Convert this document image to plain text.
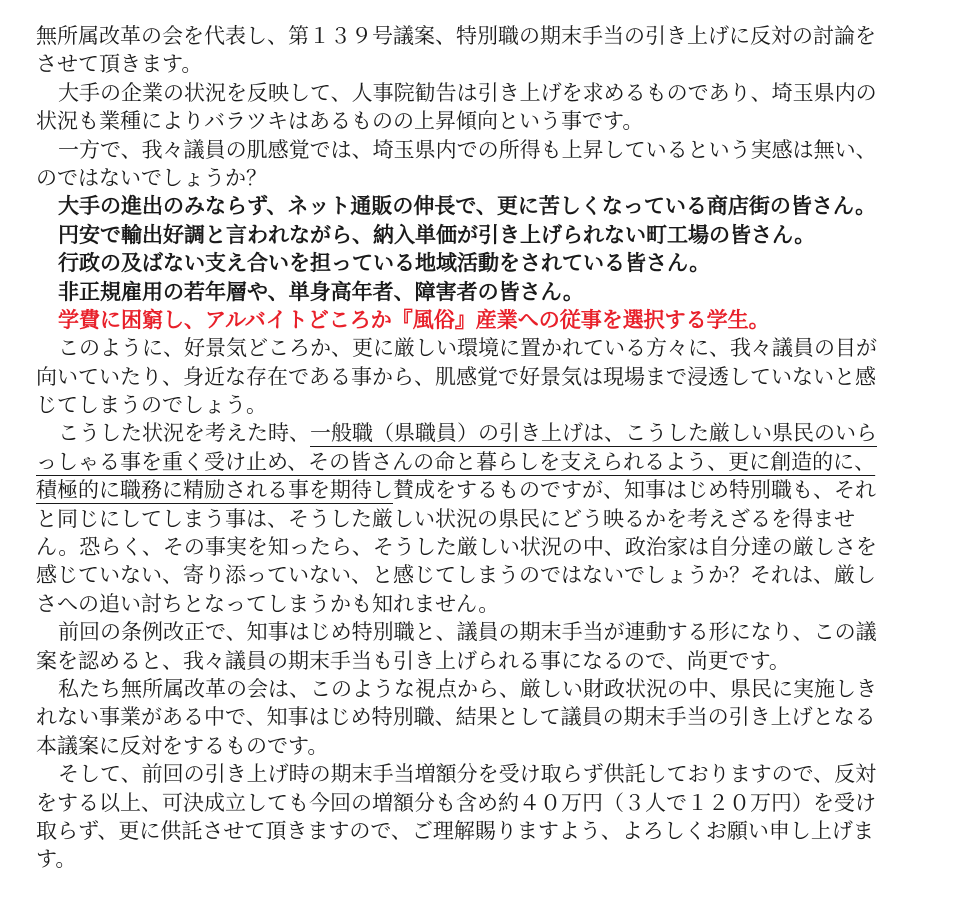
無所属改革の会を代表し、第１３９号議案、特別職の期末手当の引き上げに反対の討論を
させて頂きます。
大手の企業の状況を反映して、人事院勧告は引き上げを求めるものであり、埼玉県内の
状況も業種によりバラツキはあるものの上昇傾向という事です。
一方で、我々議員の肌感覚では、埼玉県内での所得も上昇しているという実感は無い、
のではないでしょうか？
大手の進出のみならず、ネット通販の伸長で、更に苦しくなっている商店街の皆さん。
円安で輸出好調と言われながら、納入単価が引き上げられない町工場の皆さん。
行政の及ばない支え合いを担っている地域活動をされている皆さん。
非正規雇用の若年層や、単身高年者、障害者の皆さん。
学費に困窮し、アルバイトどころか『風俗』産業への従事を選択する学生。
このように、好景気どころか、更に厳しい環境に置かれている方々に、我々議員の目が
向いていたり、身近な存在である事から、肌感覚で好景気は現場まで浸透していないと感
じてしまうのでしょう。
こうした状況を考えた時、一般職（県職員）の引き上げは、こうした厳しい県民のいら
っしゃる事を重く受け止め、その皆さんの命と暮らしを支えられるよう、更に創造的に、
積極的に職務に精励される事を期待し賛成をするものですが、知事はじめ特別職も、それ
と同じにしてしまう事は、そうした厳しい状況の県民にどう映るかを考えざるを得ませ
ん。恐らく、その事実を知ったら、そうした厳しい状況の中、政治家は自分達の厳しさを
感じていない、寄り添っていない、と感じてしまうのではないでしょうか？それは、厳し
さへの追い討ちとなってしまうかも知れません。
前回の条例改正で、知事はじめ特別職と、議員の期末手当が連動する形になり、この議
案を認めると、我々議員の期末手当も引き上げられる事になるので、尚更です。
私たち無所属改革の会は、このような視点から、厳しい財政状況の中、県民に実施しき
れない事業がある中で、知事はじめ特別職、結果として議員の期末手当の引き上げとなる
本議案に反対をするものです。
そして、前回の引き上げ時の期末手当増額分を受け取らず供託しておりますので、反対
をする以上、可決成立しても今回の増額分も含め約４０万円（３人で１２０万円）を受け
取らず、更に供託させて頂きますので、ご理解賜りますよう、よろしくお願い申し上げま
す。
